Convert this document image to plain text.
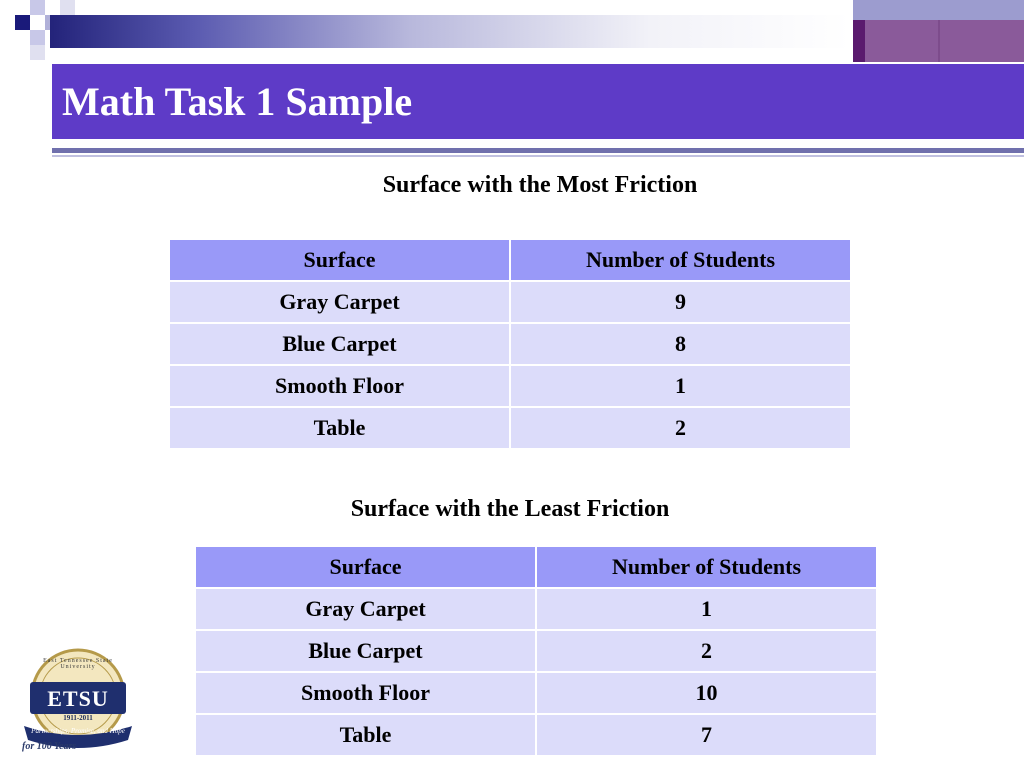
Math Task 1 Sample
Surface with the Most Friction
Surface	Number of Students
Gray Carpet	9
Blue Carpet	8
Smooth Floor	1
Table	2
Surface with the Least Friction
Surface	Number of Students
Gray Carpet	1
Blue Carpet	2
Smooth Floor	10
Table	7
East Tennessee State University
ETSU
1911-2011
Partnerships, Promise, and Hope
for 100 Years
